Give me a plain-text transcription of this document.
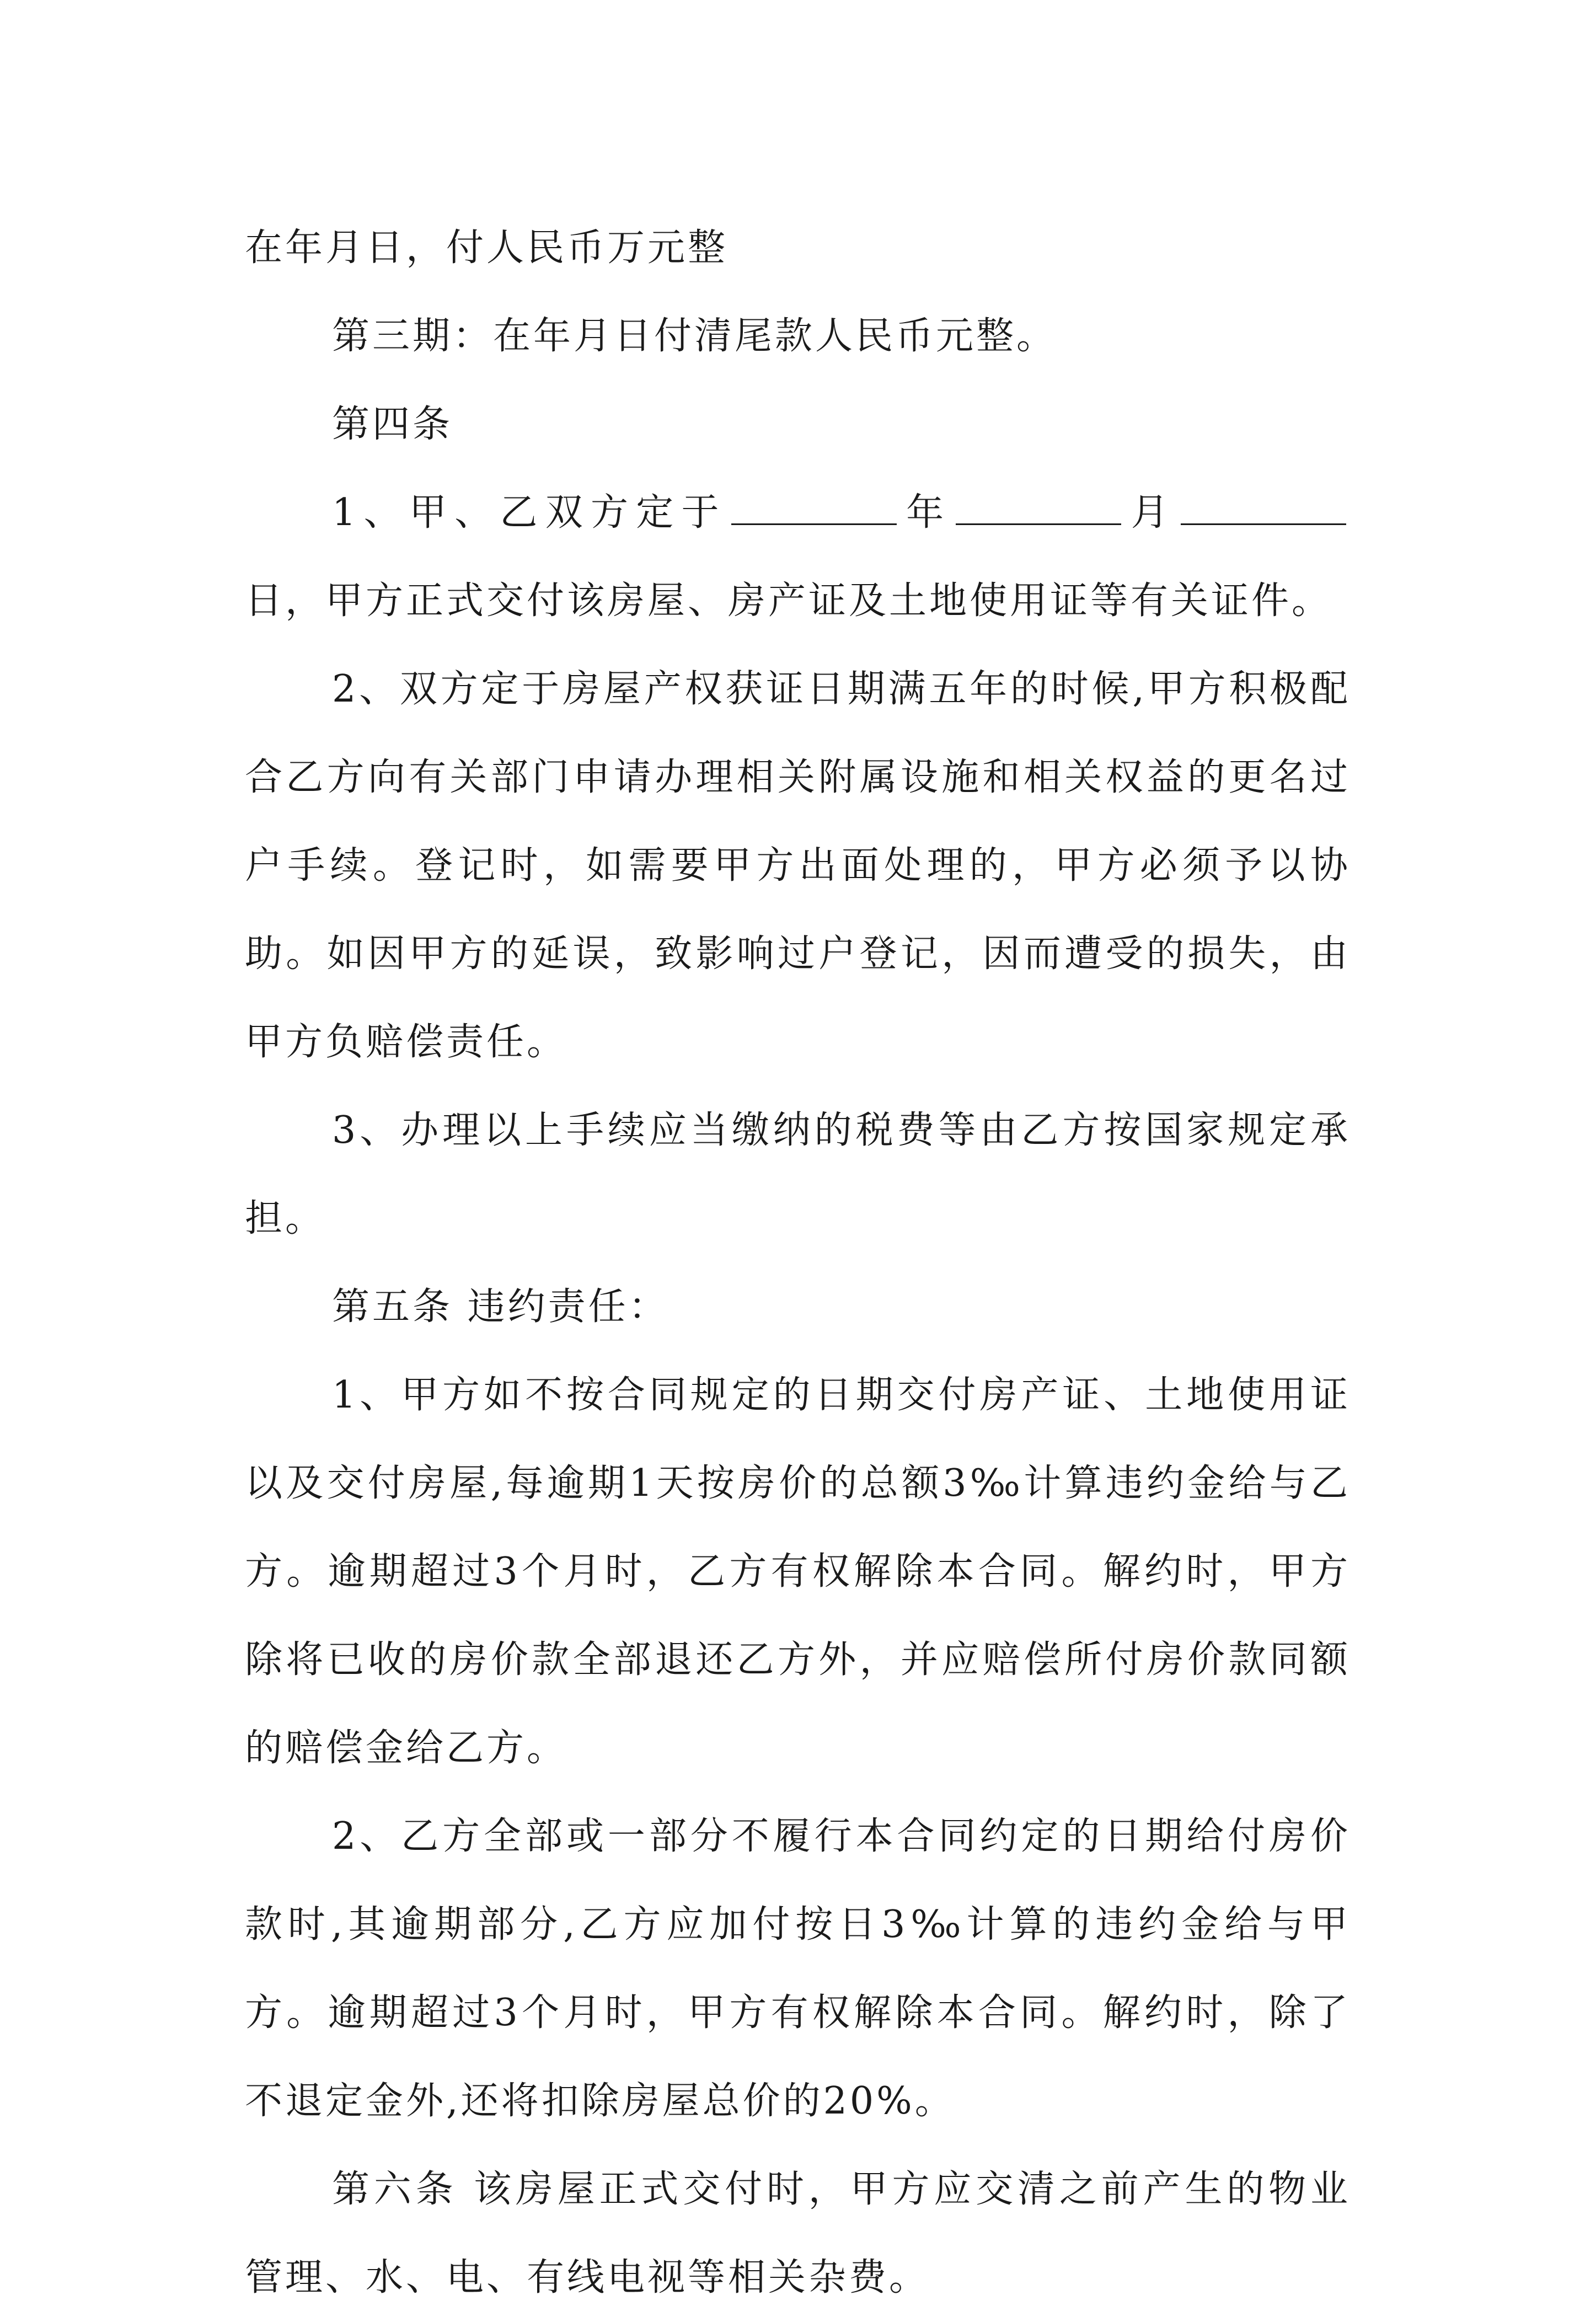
在年月日，付人民币万元整

第三期：在年月日付清尾款人民币元整。

第四条

1、甲、乙双方定于	年	月日，甲方正式交付该房屋、房产证及土地使用证等有关证件。

2、双方定于房屋产权获证日期满五年的时候,甲方积极配合乙方向有关部门申请办理相关附属设施和相关权益的更名过户手续。登记时，如需要甲方出面处理的，甲方必须予以协助。如因甲方的延误，致影响过户登记，因而遭受的损失，由甲方负赔偿责任。

3、办理以上手续应当缴纳的税费等由乙方按国家规定承担。

第五条 违约责任：

1、甲方如不按合同规定的日期交付房产证、土地使用证以及交付房屋,每逾期1天按房价的总额3‰计算违约金给与乙方。逾期超过3个月时，乙方有权解除本合同。解约时，甲方除将已收的房价款全部退还乙方外，并应赔偿所付房价款同额的赔偿金给乙方。

2、乙方全部或一部分不履行本合同约定的日期给付房价款时,其逾期部分,乙方应加付按日3‰计算的违约金给与甲方。逾期超过3个月时，甲方有权解除本合同。解约时，除了不退定金外,还将扣除房屋总价的20%。

第六条 该房屋正式交付时，甲方应交清之前产生的物业管理、水、电、有线电视等相关杂费。
